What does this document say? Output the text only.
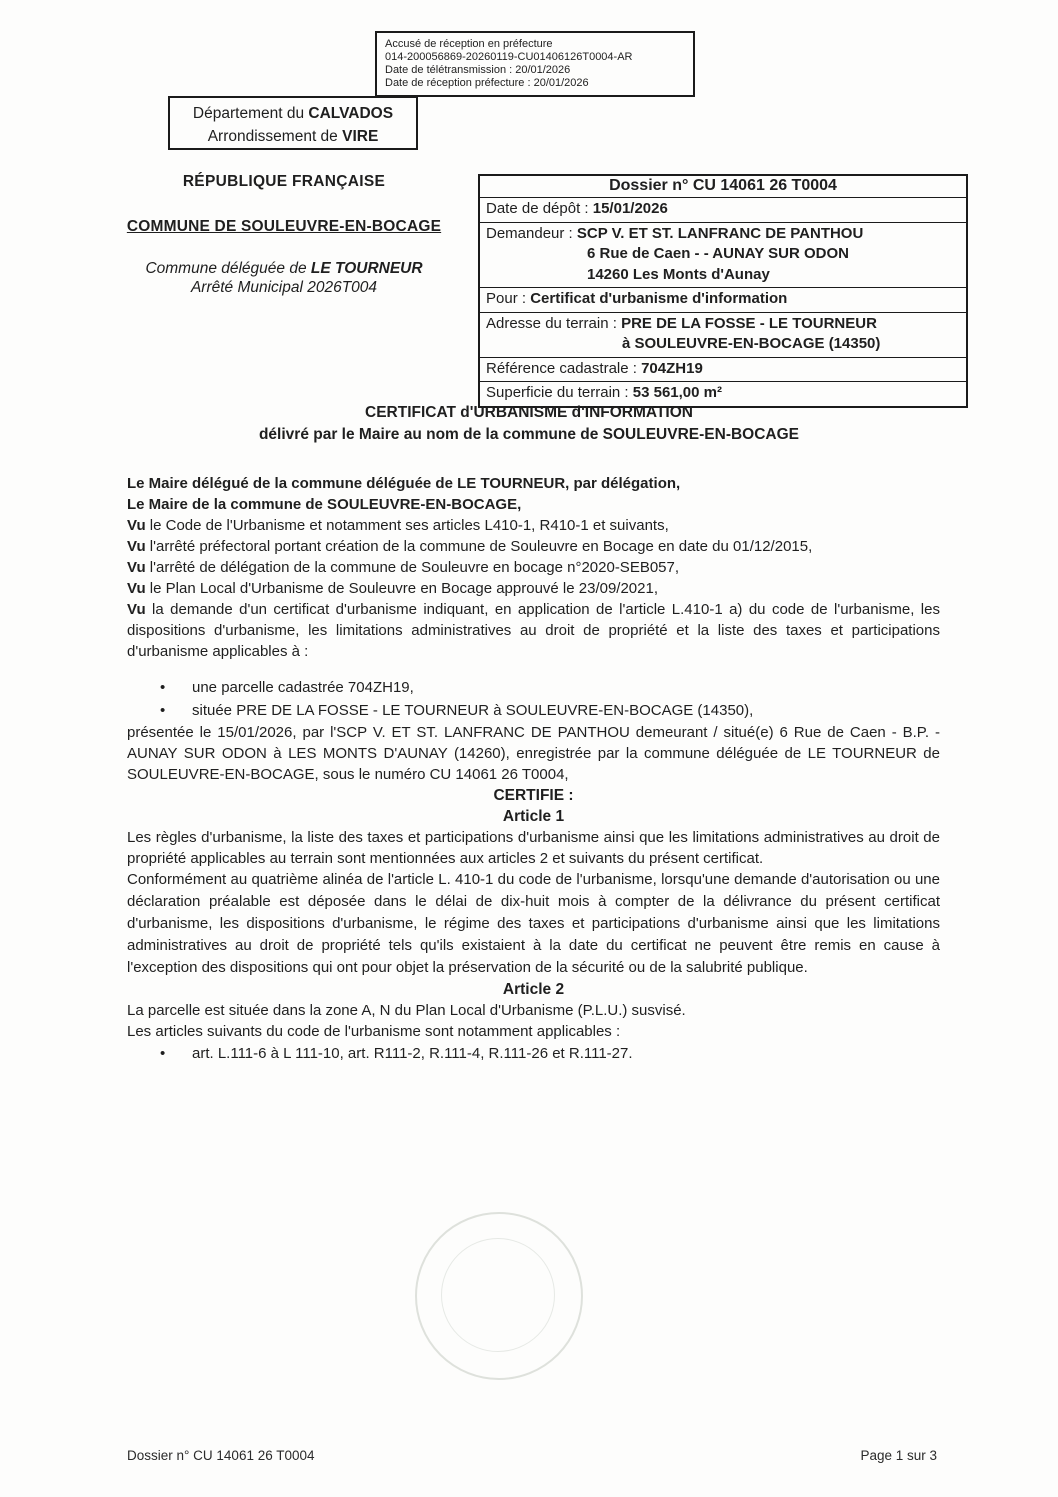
Accusé de réception en préfecture
014-200056869-20260119-CU01406126T0004-AR
Date de télétransmission : 20/01/2026
Date de réception préfecture : 20/01/2026
Département du CALVADOS
Arrondissement de VIRE
RÉPUBLIQUE FRANÇAISE
COMMUNE DE SOULEUVRE-EN-BOCAGE
Commune déléguée de LE TOURNEUR
Arrêté Municipal 2026T004
Dossier n° CU 14061 26 T0004
Date de dépôt : 15/01/2026
Demandeur : SCP V. ET ST. LANFRANC DE PANTHOU
6 Rue de Caen - - AUNAY SUR ODON
14260 Les Monts d'Aunay
Pour : Certificat d'urbanisme d'information
Adresse du terrain : PRE DE LA FOSSE - LE TOURNEUR
à SOULEUVRE-EN-BOCAGE (14350)
Référence cadastrale : 704ZH19
Superficie du terrain : 53 561,00 m²
CERTIFICAT d'URBANISME d'INFORMATION
délivré par le Maire au nom de la commune de SOULEUVRE-EN-BOCAGE

Le Maire délégué de la commune déléguée de LE TOURNEUR, par délégation,
Le Maire de la commune de SOULEUVRE-EN-BOCAGE,

Vu le Code de l'Urbanisme et notamment ses articles L410-1, R410-1 et suivants,
Vu l'arrêté préfectoral portant création de la commune de Souleuvre en Bocage en date du 01/12/2015,

Vu l'arrêté de délégation de la commune de Souleuvre en bocage n°2020-SEB057,

Vu le Plan Local d'Urbanisme de Souleuvre en Bocage approuvé le 23/09/2021,

Vu la demande d'un certificat d'urbanisme indiquant, en application de l'article L.410-1 a) du code de l'urbanisme, les dispositions d'urbanisme, les limitations administratives au droit de propriété et la liste des taxes et participations d'urbanisme applicables à :

• une parcelle cadastrée 704ZH19,
• située PRE DE LA FOSSE - LE TOURNEUR à SOULEUVRE-EN-BOCAGE (14350),

présentée le 15/01/2026, par l'SCP V. ET ST. LANFRANC DE PANTHOU demeurant / situé(e) 6 Rue de Caen - B.P. - AUNAY SUR ODON à LES MONTS D'AUNAY (14260), enregistrée par la commune déléguée de LE TOURNEUR de SOULEUVRE-EN-BOCAGE, sous le numéro CU 14061 26 T0004,

CERTIFIE :

Article 1

Les règles d'urbanisme, la liste des taxes et participations d'urbanisme ainsi que les limitations administratives au droit de propriété applicables au terrain sont mentionnées aux articles 2 et suivants du présent certificat.

Conformément au quatrième alinéa de l'article L. 410-1 du code de l'urbanisme, lorsqu'une demande d'autorisation ou une déclaration préalable est déposée dans le délai de dix-huit mois à compter de la délivrance du présent certificat d'urbanisme, les dispositions d'urbanisme, le régime des taxes et participations d'urbanisme ainsi que les limitations administratives au droit de propriété tels qu'ils existaient à la date du certificat ne peuvent être remis en cause à l'exception des dispositions qui ont pour objet la préservation de la sécurité ou de la salubrité publique.

Article 2

La parcelle est située dans la zone A, N du Plan Local d'Urbanisme (P.L.U.) susvisé.

Les articles suivants du code de l'urbanisme sont notamment applicables :

• art. L.111-6 à L 111-10, art. R111-2, R.111-4, R.111-26 et R.111-27.
Dossier n° CU 14061 26 T0004	Page 1 sur 3
